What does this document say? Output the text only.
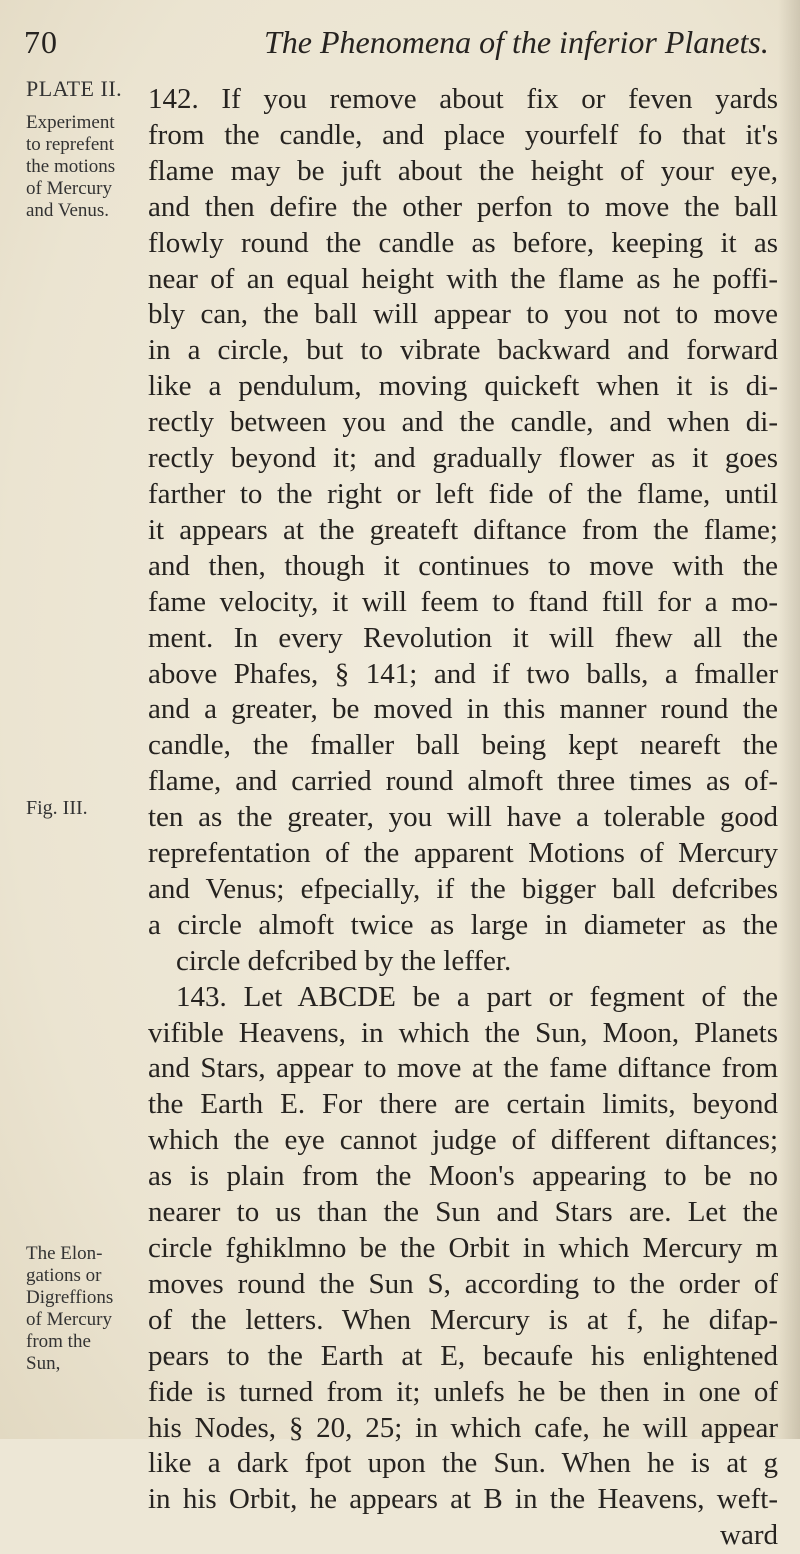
70	The Phenomena of the inferior Planets.
PLATE II.
Experiment
to reprefent
the motions
of Mercury
and Venus.
Fig. III.
The Elon-
gations or
Digreffions
of Mercury
from the
Sun,
142. If you remove about fix or feven yards
from the candle, and place yourfelf fo that it's
flame may be juft about the height of your eye,
and then defire the other perfon to move the ball
flowly round the candle as before, keeping it as
near of an equal height with the flame as he poffi-
bly can, the ball will appear to you not to move
in a circle, but to vibrate backward and forward
like a pendulum, moving quickeft when it is di-
rectly between you and the candle, and when di-
rectly beyond it; and gradually flower as it goes
farther to the right or left fide of the flame, until
it appears at the greateft diftance from the flame;
and then, though it continues to move with the
fame velocity, it will feem to ftand ftill for a mo-
ment. In every Revolution it will fhew all the
above Phafes, § 141; and if two balls, a fmaller
and a greater, be moved in this manner round the
candle, the fmaller ball being kept neareft the
flame, and carried round almoft three times as of-
ten as the greater, you will have a tolerable good
reprefentation of the apparent Motions of Mercury
and Venus; efpecially, if the bigger ball defcribes
a circle almoft twice as large in diameter as the
circle defcribed by the leffer.
143. Let ABCDE be a part or fegment of the
vifible Heavens, in which the Sun, Moon, Planets
and Stars, appear to move at the fame diftance from
the Earth E. For there are certain limits, beyond
which the eye cannot judge of different diftances;
as is plain from the Moon's appearing to be no
nearer to us than the Sun and Stars are. Let the
circle fghiklmno be the Orbit in which Mercury m
moves round the Sun S, according to the order of
of the letters. When Mercury is at f, he difap-
pears to the Earth at E, becaufe his enlightened
fide is turned from it; unlefs he be then in one of
his Nodes, § 20, 25; in which cafe, he will appear
like a dark fpot upon the Sun. When he is at g
in his Orbit, he appears at B in the Heavens, weft-
ward
